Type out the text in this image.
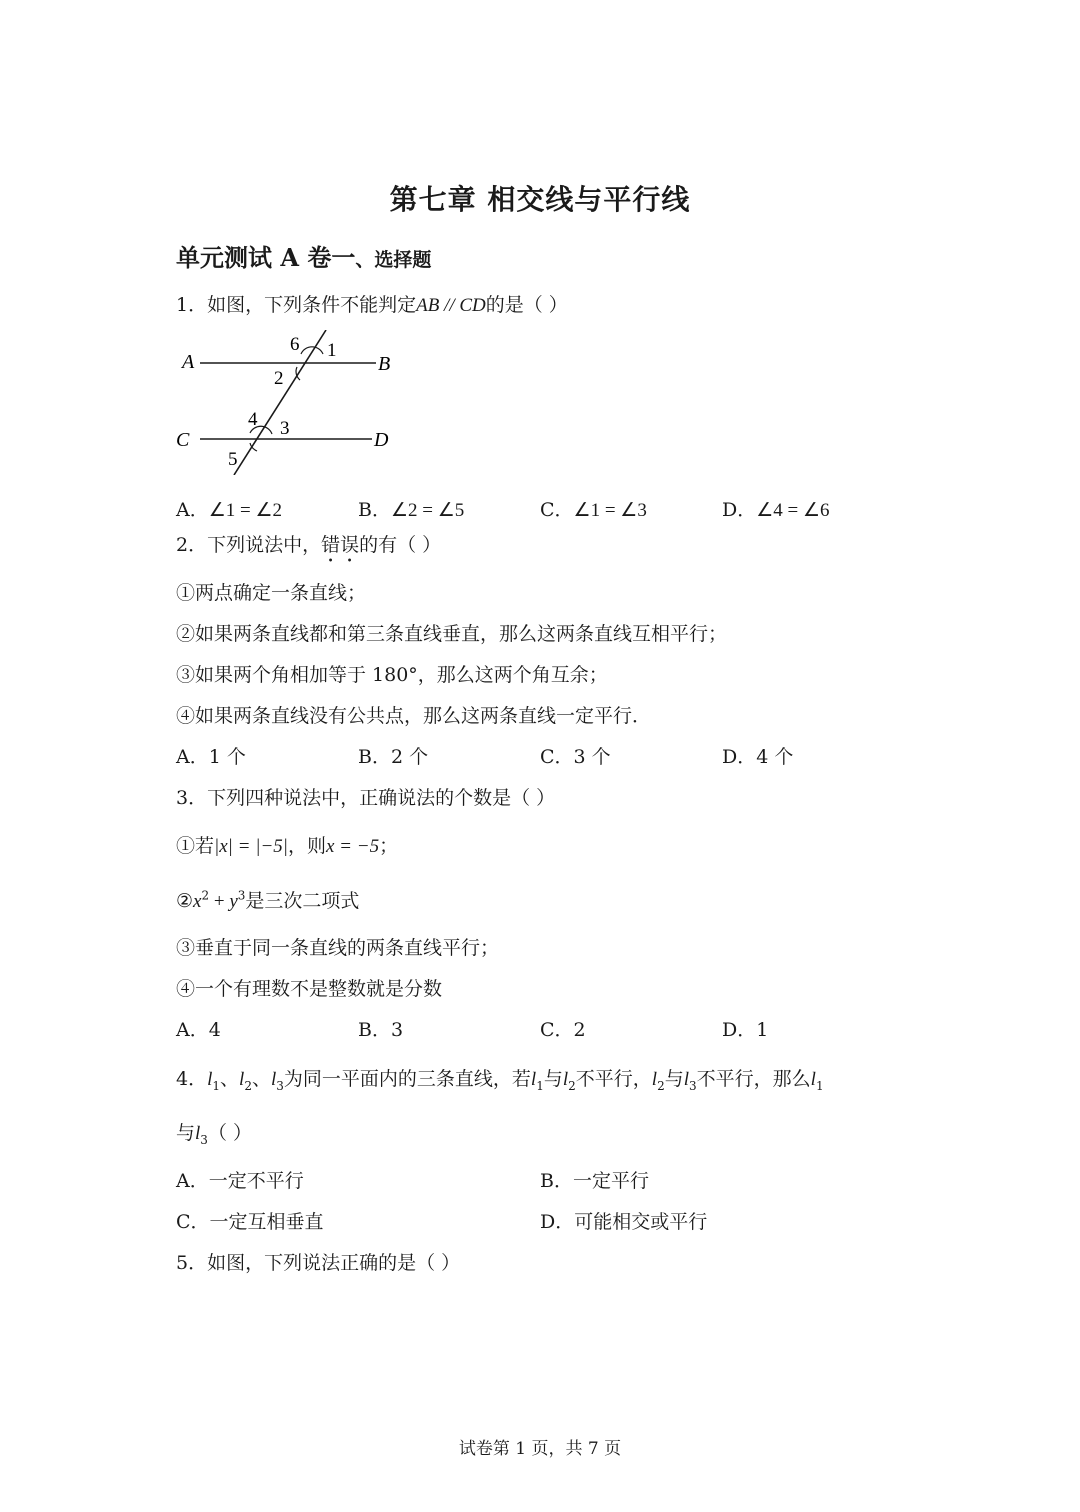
第七章 相交线与平行线
单元测试 A 卷一、选择题
1．如图，下列条件不能判定AB // CD的是（ ）
A	B
C	D
1
2
3
4
5
6
A．∠1 = ∠2	B．∠2 = ∠5	C．∠1 = ∠3	D．∠4 = ∠6
2．下列说法中，错误的有（ ）
①两点确定一条直线；
②如果两条直线都和第三条直线垂直，那么这两条直线互相平行；
③如果两个角相加等于 180°，那么这两个角互余；
④如果两条直线没有公共点，那么这两条直线一定平行．
A．1 个	B．2 个	C．3 个	D．4 个
3．下列四种说法中，正确说法的个数是（ ）
①若|x| = |−5|，则x = −5；
$②x^2 + y^3$是三次二项式
③垂直于同一条直线的两条直线平行；
④一个有理数不是整数就是分数
A．4	B．3	C．2	D．1
4．$l_1$、$l_2$、$l_3$为同一平面内的三条直线，若$l_1$与$l_2$不平行，$l_2$与$l_3$不平行，那么$l_1$
与$l_3$（ ）
A．一定不平行	B．一定平行
C．一定互相垂直	D．可能相交或平行
5．如图，下列说法正确的是（ ）
试卷第 1 页，共 7 页
